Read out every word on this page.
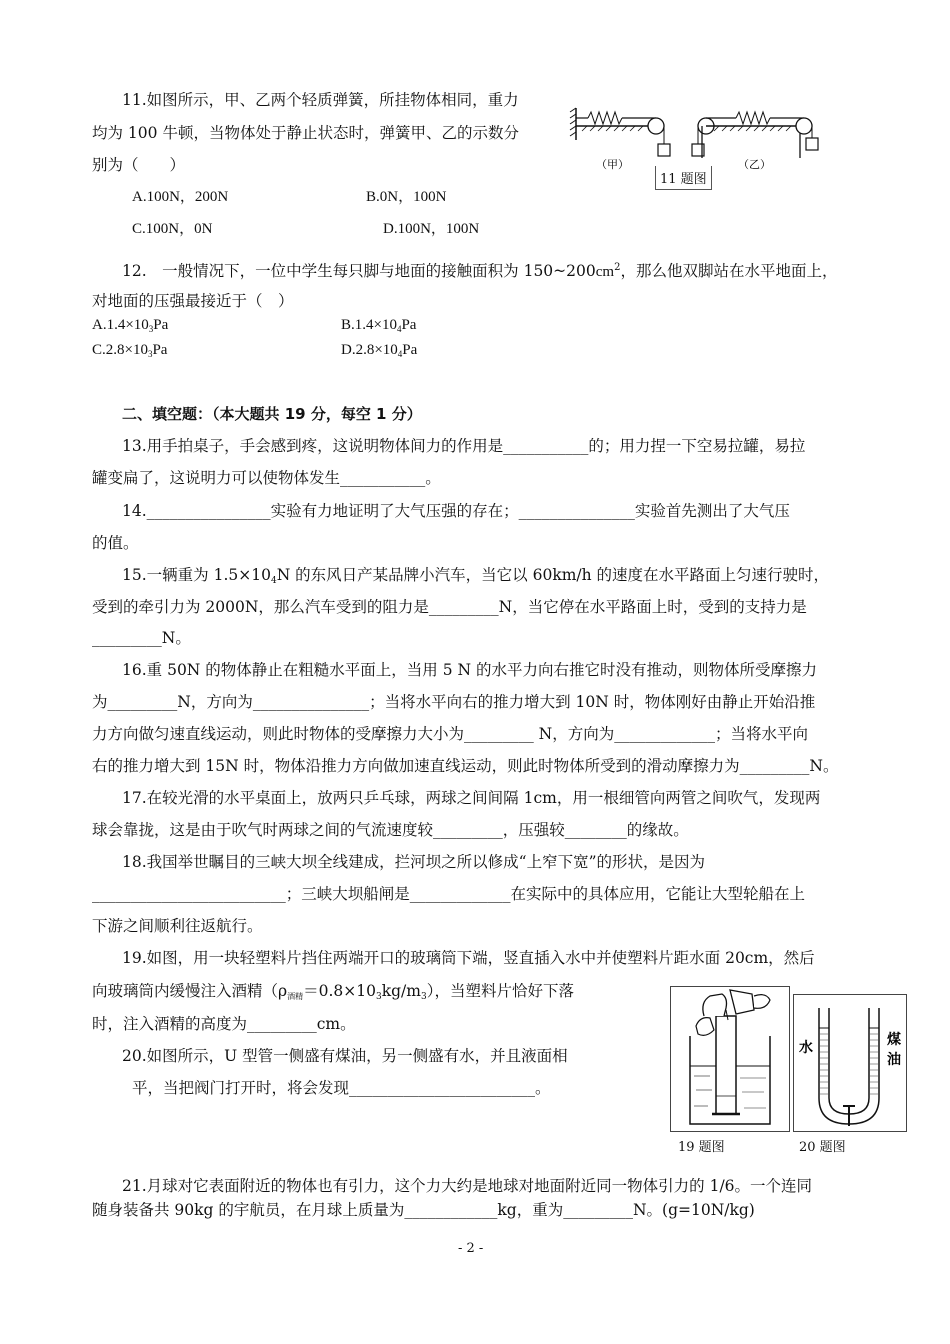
11.如图所示，甲、乙两个轻质弹簧，所挂物体相同，重力
均为 100 牛顿，当物体处于静止状态时，弹簧甲、乙的示数分
别为（　　）
A.100N，200N	B.0N，100N
C.100N，0N	D.100N，100N
（甲）	（乙）
11 题图
12.　一般情况下，一位中学生每只脚与地面的接触面积为 $150\sim 200cm^2$，那么他双脚站在水平地面上，
对地面的压强最接近于（　）
$A.1.4\times 10_3Pa$	$B.1.4\times 10_4Pa$
$C.2.8\times 10_3Pa$	$D.2.8\times 10_4Pa$
二、填空题：（本大题共 19 分，每空 1 分）
13.用手拍桌子，手会感到疼，这说明物体间力的作用是___________的；用力捏一下空易拉罐，易拉
罐变扁了，这说明力可以使物体发生___________。
14.________________实验有力地证明了大气压强的存在；_______________实验首先测出了大气压
的值。
15.一辆重为 $1.5\times 10_4N$ 的东风日产某品牌小汽车，当它以 60km/h 的速度在水平路面上匀速行驶时，
受到的牵引力为 2000N，那么汽车受到的阻力是_________N，当它停在水平路面上时，受到的支持力是
_________N。
16.重 50N 的物体静止在粗糙水平面上，当用 5 N 的水平力向右推它时没有推动，则物体所受摩擦力
为_________N，方向为_______________；当将水平向右的推力增大到 10N 时，物体刚好由静止开始沿推
力方向做匀速直线运动，则此时物体的受摩擦力大小为_________ N，方向为_____________；当将水平向
右的推力增大到 15N 时，物体沿推力方向做加速直线运动，则此时物体所受到的滑动摩擦力为_________N。
17.在较光滑的水平桌面上，放两只乒乓球，两球之间间隔 1cm，用一根细管向两管之间吹气，发现两
球会靠拢，这是由于吹气时两球之间的气流速度较_________，压强较________的缘故。
18.我国举世瞩目的三峡大坝全线建成，拦河坝之所以修成“上窄下宽”的形状，是因为
_________________________；三峡大坝船闸是_____________在实际中的具体应用，它能让大型轮船在上
下游之间顺利往返航行。
19.如图，用一块轻塑料片挡住两端开口的玻璃筒下端，竖直插入水中并使塑料片距水面 20cm，然后
向玻璃筒内缓慢注入酒精$(\rho_{酒精}=0.8\times 10_3kg/m_3)$，当塑料片恰好下落
时，注入酒精的高度为_________cm。
20.如图所示，U 型管一侧盛有煤油，另一侧盛有水，并且液面相
平，当把阀门打开时，将会发现________________________。
19 题图
水	煤
油
20 题图
21.月球对它表面附近的物体也有引力，这个力大约是地球对地面附近同一物体引力的 1/6。一个连同
随身装备共 90kg 的宇航员，在月球上质量为____________kg，重为_________N。(g=10N/kg)
- 2 -
